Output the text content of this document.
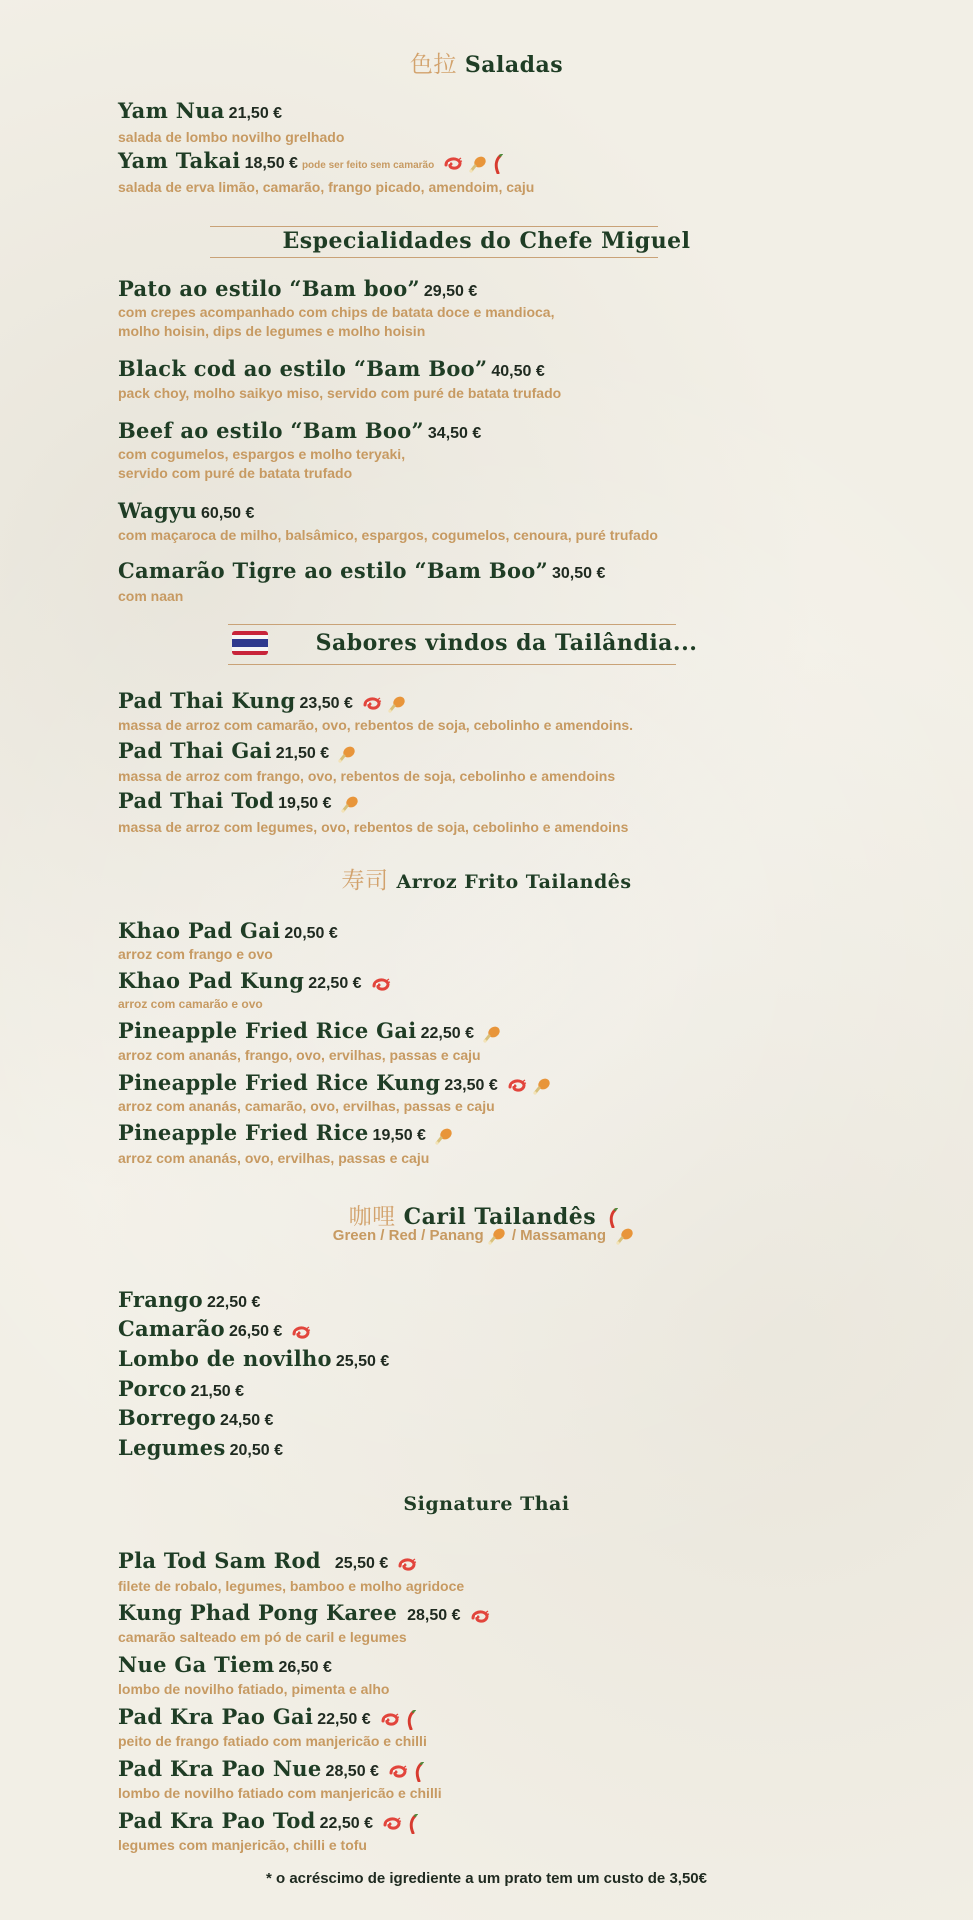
色拉 Saladas
Yam Nua 21,50 €
salada de lombo novilho grelhado
Yam Takai 18,50 € pode ser feito sem camarão
salada de erva limão, camarão, frango picado, amendoim, caju
Especialidades do Chefe Miguel
Pato ao estilo “Bam boo” 29,50 €
com crepes acompanhado com chips de batata doce e mandioca,
molho hoisin, dips de legumes e molho hoisin
Black cod ao estilo “Bam Boo” 40,50 €
pack choy, molho saikyo miso, servido com puré de batata trufado
Beef ao estilo “Bam Boo” 34,50 €
com cogumelos, espargos e molho teryaki,
servido com puré de batata trufado
Wagyu 60,50 €
com maçaroca de milho, balsâmico, espargos, cogumelos, cenoura, puré trufado
Camarão Tigre ao estilo “Bam Boo” 30,50 €
com naan
Sabores vindos da Tailândia...
Pad Thai Kung 23,50 €
massa de arroz com camarão, ovo, rebentos de soja, cebolinho e amendoins.
Pad Thai Gai 21,50 €
massa de arroz com frango, ovo, rebentos de soja, cebolinho e amendoins
Pad Thai Tod 19,50 €
massa de arroz com legumes, ovo, rebentos de soja, cebolinho e amendoins
寿司 Arroz Frito Tailandês
Khao Pad Gai 20,50 €
arroz com frango e ovo
Khao Pad Kung 22,50 €
arroz com camarão e ovo
Pineapple Fried Rice Gai 22,50 €
arroz com ananás, frango, ovo, ervilhas, passas e caju
Pineapple Fried Rice Kung 23,50 €
arroz com ananás, camarão, ovo, ervilhas, passas e caju
Pineapple Fried Rice 19,50 €
arroz com ananás, ovo, ervilhas, passas e caju
咖哩 Caril Tailandês
Green / Red / Panang / Massamang
Frango 22,50 €
Camarão 26,50 €
Lombo de novilho 25,50 €
Porco 21,50 €
Borrego 24,50 €
Legumes 20,50 €
Signature Thai
Pla Tod Sam Rod 25,50 €
filete de robalo, legumes, bamboo e molho agridoce
Kung Phad Pong Karee 28,50 €
camarão salteado em pó de caril e legumes
Nue Ga Tiem 26,50 €
lombo de novilho fatiado, pimenta e alho
Pad Kra Pao Gai 22,50 €
peito de frango fatiado com manjericão e chilli
Pad Kra Pao Nue 28,50 €
lombo de novilho fatiado com manjericão e chilli
Pad Kra Pao Tod 22,50 €
legumes com manjericão, chilli e tofu
* o acréscimo de igrediente a um prato tem um custo de 3,50€
